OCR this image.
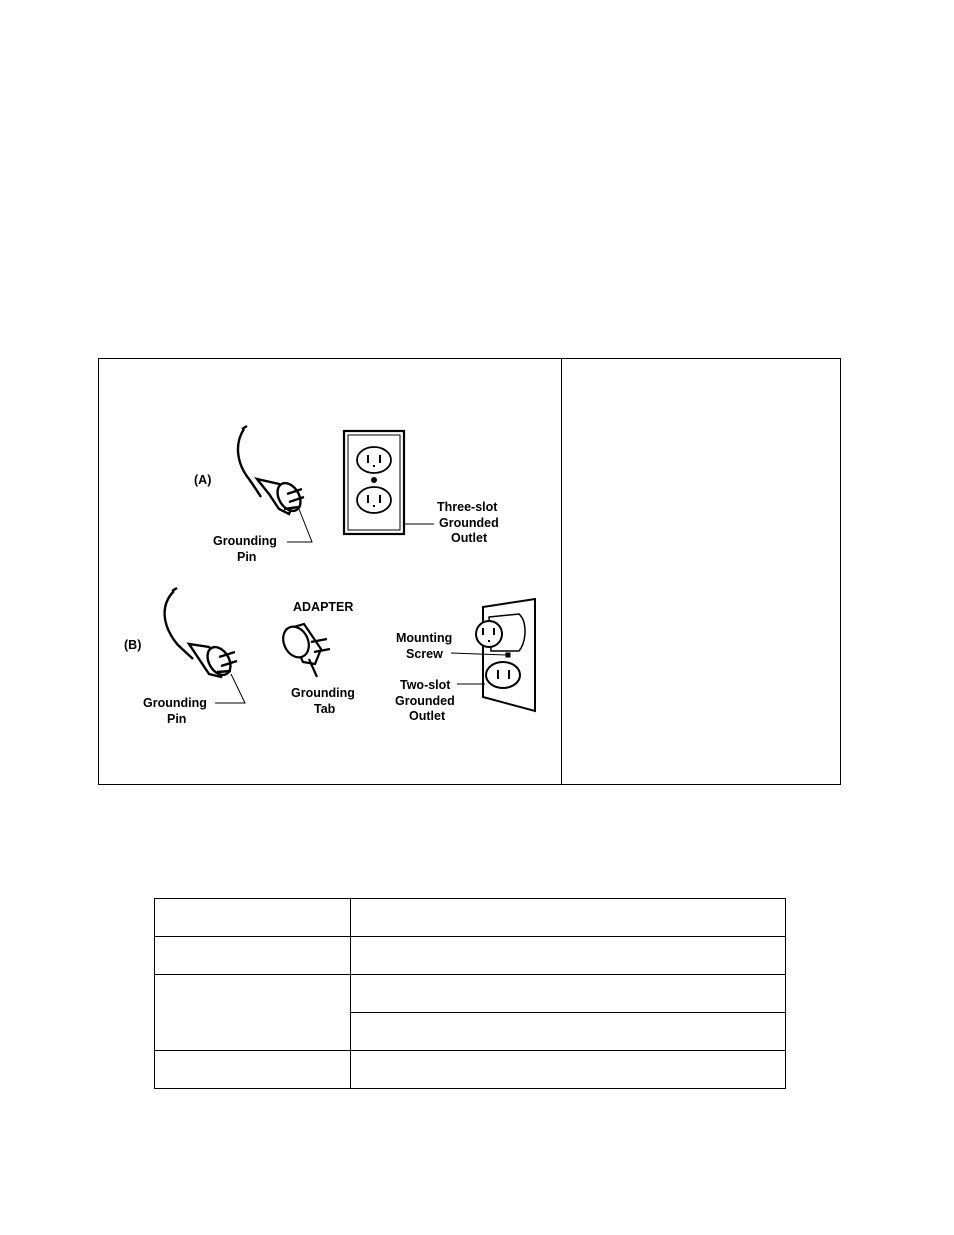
(A)
Grounding
Pin
Three-slot
Grounded
Outlet
(B)
Grounding
Pin
ADAPTER
Grounding
Tab
Mounting
Screw
Two-slot
Grounded
Outlet
